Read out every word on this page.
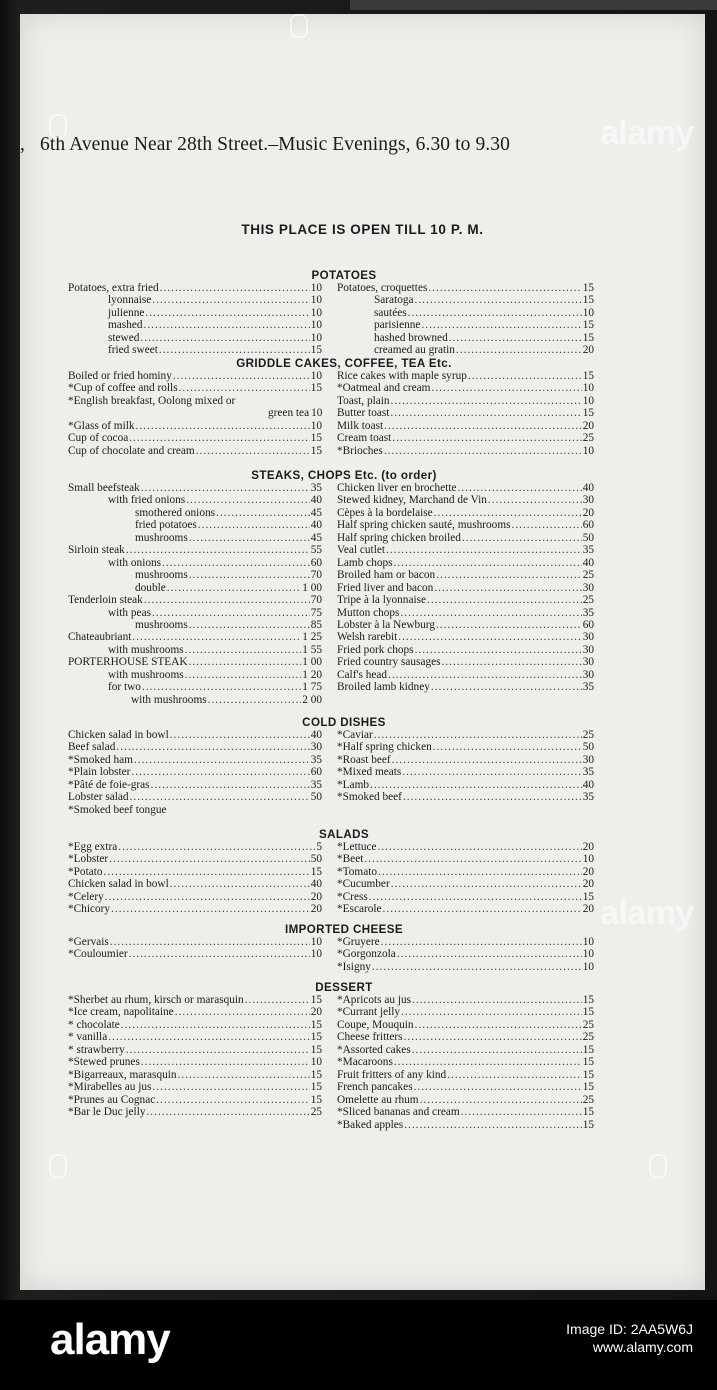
, 6th Avenue Near 28th Street.–Music Evenings, 6.30 to 9.30
THIS PLACE IS OPEN TILL 10 P. M.
POTATOES
Potatoes, extra fried .....	10
lyonnaise .....	10
julienne .....	10
mashed .....	10
stewed .....	10
fried sweet .....	15
Potatoes, croquettes .....	15
Saratoga .....	15
sautées .....	10
parisienne .....	15
hashed browned .....	15
creamed au gratin .....	20
GRIDDLE CAKES, COFFEE, TEA Etc.
Boiled or fried hominy .....	10
*Cup of coffee and rolls .....	15
*English breakfast, Oolong mixed or
green tea 10
*Glass of milk .....	10
Cup of cocoa .....	15
Cup of chocolate and cream .....	15
Rice cakes with maple syrup .....	15
*Oatmeal and cream .....	10
Toast, plain .....	10
Butter toast .....	15
Milk toast .....	20
Cream toast .....	25
*Brioches .....	10
STEAKS, CHOPS Etc. (to order)
Small beefsteak .....	35
with fried onions .....	40
smothered onions .....	45
fried potatoes .....	40
mushrooms .....	45
Sirloin steak .....	55
with onions .....	60
mushrooms .....	70
double .....	1 00
Tenderloin steak .....	70
with peas .....	75
mushrooms .....	85
Chateaubriant .....	1 25
with mushrooms .....	1 55
PORTERHOUSE STEAK .....	1 00
with mushrooms .....	1 20
for two .....	1 75
with mushrooms .....	2 00
Chicken liver en brochette .....	40
Stewed kidney, Marchand de Vin .....	30
Cèpes à la bordelaise .....	20
Half spring chicken sauté, mushrooms .....	60
Half spring chicken broiled .....	50
Veal cutlet .....	35
Lamb chops .....	40
Broiled ham or bacon .....	25
Fried liver and bacon .....	30
Tripe à la lyonnaise .....	25
Mutton chops .....	35
Lobster à la Newburg .....	60
Welsh rarebit .....	30
Fried pork chops .....	30
Fried country sausages .....	30
Calf's head .....	30
Broiled lamb kidney .....	35
COLD DISHES
Chicken salad in bowl .....	40
Beef salad .....	30
*Smoked ham .....	35
*Plain lobster .....	60
*Pâté de foie-gras .....	35
Lobster salad .....	50
*Smoked beef tongue
*Caviar .....	25
*Half spring chicken .....	50
*Roast beef .....	30
*Mixed meats .....	35
*Lamb .....	40
*Smoked beef .....	35
SALADS
*Egg extra .....	5
*Lobster .....	50
*Potato .....	15
Chicken salad in bowl .....	40
*Celery .....	20
*Chicory .....	20
*Lettuce .....	20
*Beet .....	10
*Tomato .....	20
*Cucumber .....	20
*Cress .....	15
*Escarole .....	20
IMPORTED CHEESE
*Gervais .....	10
*Couloumier .....	10
*Gruyere .....	10
*Gorgonzola .....	10
*Isigny .....	10
DESSERT
*Sherbet au rhum, kirsch or marasquin .....	15
*Ice cream, napolitaine .....	20
* chocolate .....	15
* vanilla .....	15
* strawberry .....	15
*Stewed prunes .....	10
*Bigarreaux, marasquin .....	15
*Mirabelles au jus .....	15
*Prunes au Cognac .....	15
*Bar le Duc jelly .....	25
*Apricots au jus .....	15
*Currant jelly .....	15
Coupe, Mouquin .....	25
Cheese fritters .....	25
*Assorted cakes .....	15
*Macaroons .....	15
Fruit fritters of any kind .....	15
French pancakes .....	15
Omelette au rhum .....	25
*Sliced bananas and cream .....	15
*Baked apples .....	15
alamy
alamy
alamy	Image ID: 2AA5W6J
www.alamy.com
